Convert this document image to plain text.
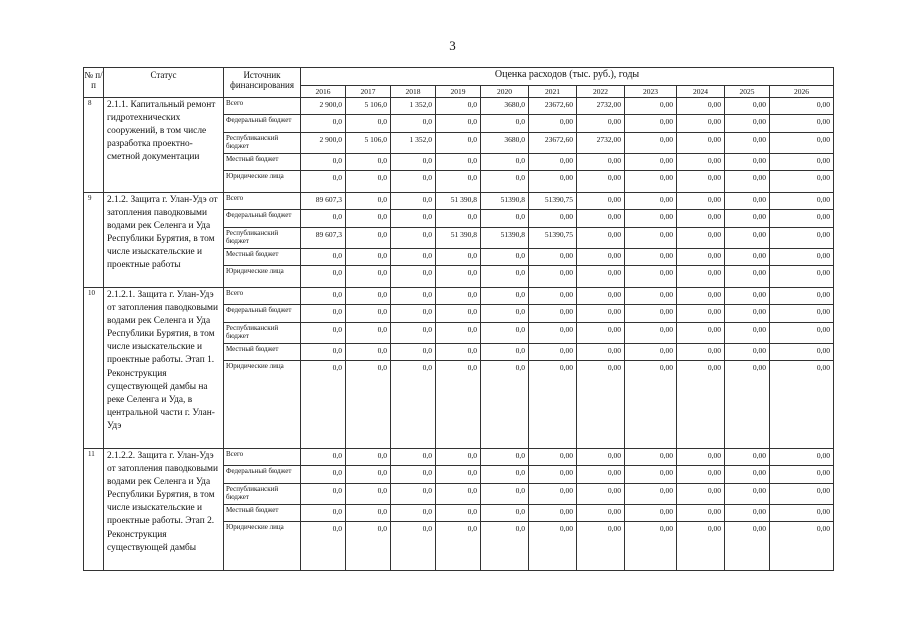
3
№ п/п	Статус	Источник финансирования	Оценка расходов (тыс. руб.), годы										
			2016	2017	2018	2019	2020	2021	2022	2023	2024	2025	2026
8	2.1.1. Капитальный ремонт гидротехнических сооружений, в том числе разработка проектно-сметной документации	Всего	2 900,0	5 106,0	1 352,0	0,0	3680,0	23672,60	2732,00	0,00	0,00	0,00	0,00
		Федеральный бюджет	0,0	0,0	0,0	0,0	0,0	0,00	0,00	0,00	0,00	0,00	0,00
		Республиканский бюджет	2 900,0	5 106,0	1 352,0	0,0	3680,0	23672,60	2732,00	0,00	0,00	0,00	0,00
		Местный бюджет	0,0	0,0	0,0	0,0	0,0	0,00	0,00	0,00	0,00	0,00	0,00
		Юридические лица	0,0	0,0	0,0	0,0	0,0	0,00	0,00	0,00	0,00	0,00	0,00
9	2.1.2. Защита г. Улан-Удэ от затопления паводковыми водами рек Селенга и Уда Республики Бурятия, в том числе изыскательские и проектные работы	Всего	89 607,3	0,0	0,0	51 390,8	51390,8	51390,75	0,00	0,00	0,00	0,00	0,00
		Федеральный бюджет	0,0	0,0	0,0	0,0	0,0	0,00	0,00	0,00	0,00	0,00	0,00
		Республиканский бюджет	89 607,3	0,0	0,0	51 390,8	51390,8	51390,75	0,00	0,00	0,00	0,00	0,00
		Местный бюджет	0,0	0,0	0,0	0,0	0,0	0,00	0,00	0,00	0,00	0,00	0,00
		Юридические лица	0,0	0,0	0,0	0,0	0,0	0,00	0,00	0,00	0,00	0,00	0,00
10	2.1.2.1. Защита г. Улан-Удэ от затопления паводковыми водами рек Селенга и Уда Республики Бурятия, в том числе изыскательские и проектные работы. Этап 1. Реконструкция существующей дамбы на реке Селенга и Уда, в центральной части г. Улан-Удэ	Всего	0,0	0,0	0,0	0,0	0,0	0,00	0,00	0,00	0,00	0,00	0,00
		Федеральный бюджет	0,0	0,0	0,0	0,0	0,0	0,00	0,00	0,00	0,00	0,00	0,00
		Республиканский бюджет	0,0	0,0	0,0	0,0	0,0	0,00	0,00	0,00	0,00	0,00	0,00
		Местный бюджет	0,0	0,0	0,0	0,0	0,0	0,00	0,00	0,00	0,00	0,00	0,00
		Юридические лица	0,0	0,0	0,0	0,0	0,0	0,00	0,00	0,00	0,00	0,00	0,00
11	2.1.2.2. Защита г. Улан-Удэ от затопления паводковыми водами рек Селенга и Уда Республики Бурятия, в том числе изыскательские и проектные работы. Этап 2. Реконструкция существующей дамбы	Всего	0,0	0,0	0,0	0,0	0,0	0,00	0,00	0,00	0,00	0,00	0,00
		Федеральный бюджет	0,0	0,0	0,0	0,0	0,0	0,00	0,00	0,00	0,00	0,00	0,00
		Республиканский бюджет	0,0	0,0	0,0	0,0	0,0	0,00	0,00	0,00	0,00	0,00	0,00
		Местный бюджет	0,0	0,0	0,0	0,0	0,0	0,00	0,00	0,00	0,00	0,00	0,00
		Юридические лица	0,0	0,0	0,0	0,0	0,0	0,00	0,00	0,00	0,00	0,00	0,00
